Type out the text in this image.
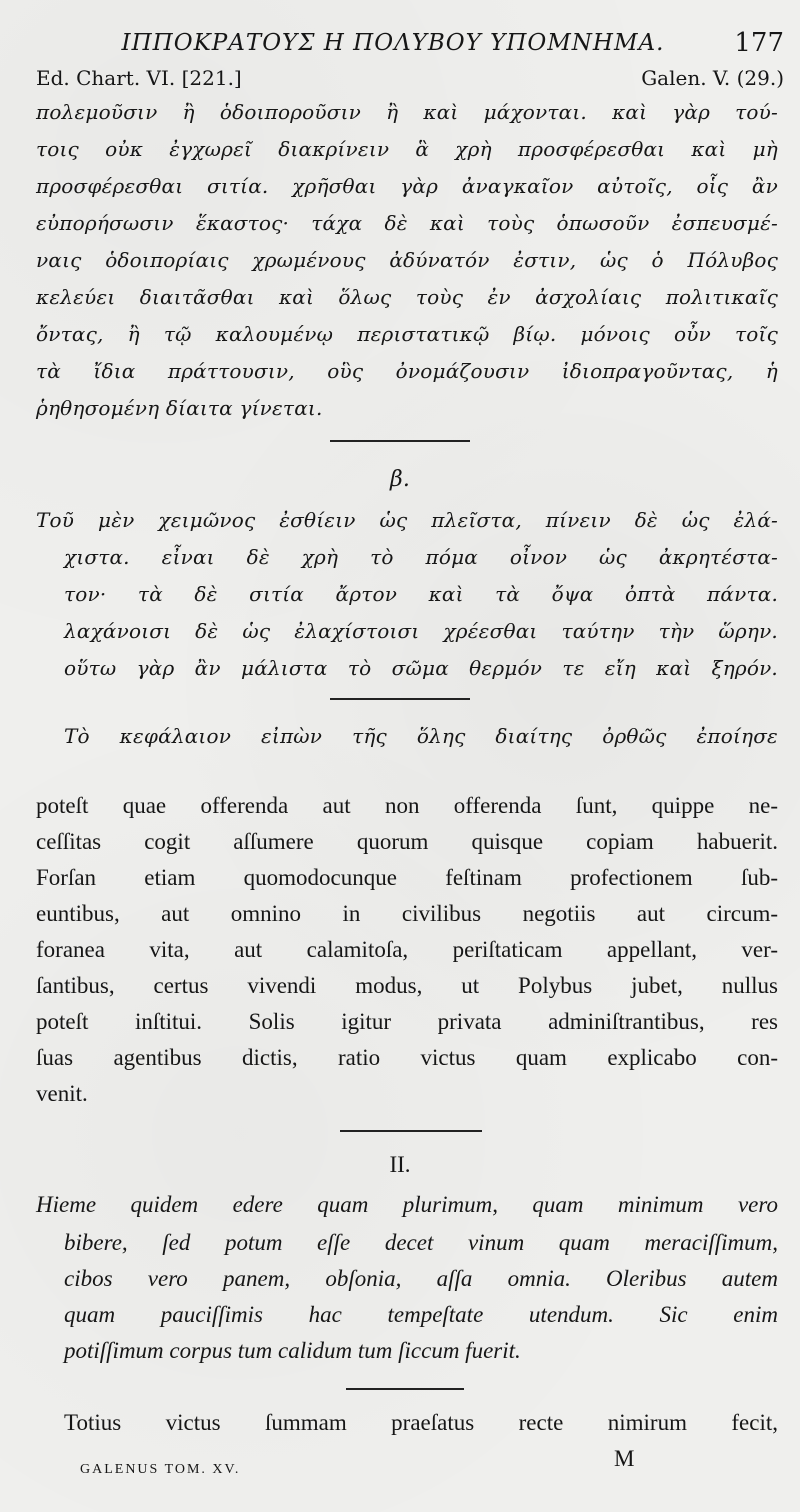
ΙΠΠΟΚΡΑΤΟΥΣ Η ΠΟΛΥΒΟΥ ΥΠΟΜΝΗΜΑ.	177
Ed. Chart. VI. [221.]	Galen. V. (29.)
πολεμοῦσιν ἢ ὁδοιποροῦσιν ἢ καὶ μάχονται. καὶ γὰρ τού-
τοις οὐκ ἐγχωρεῖ διακρίνειν ἃ χρὴ προσφέρεσθαι καὶ μὴ
προσφέρεσθαι σιτία. χρῆσθαι γὰρ ἀναγκαῖον αὐτοῖς, οἷς ἂν
εὐπορήσωσιν ἕκαστος· τάχα δὲ καὶ τοὺς ὁπωσοῦν ἐσπευσμέ-
ναις ὁδοιπορίαις χρωμένους ἀδύνατόν ἐστιν, ὡς ὁ Πόλυβος
κελεύει διαιτᾶσθαι καὶ ὅλως τοὺς ἐν ἀσχολίαις πολιτικαῖς
ὄντας, ἢ τῷ καλουμένῳ περιστατικῷ βίῳ. μόνοις οὖν τοῖς
τὰ ἴδια πράττουσιν, οὓς ὀνομάζουσιν ἰδιοπραγοῦντας, ἡ
ῥηθησομένη δίαιτα γίνεται.
β.
Τοῦ μὲν χειμῶνος ἐσθίειν ὡς πλεῖστα, πίνειν δὲ ὡς ἐλά-
χιστα. εἶναι δὲ χρὴ τὸ πόμα οἶνον ὡς ἀκρητέστα-
τον· τὰ δὲ σιτία ἄρτον καὶ τὰ ὄψα ὀπτὰ πάντα.
λαχάνοισι δὲ ὡς ἐλαχίστοισι χρέεσθαι ταύτην τὴν ὥρην.
οὕτω γὰρ ἂν μάλιστα τὸ σῶμα θερμόν τε εἴη καὶ ξηρόν.
Τὸ κεφάλαιον εἰπὼν τῆς ὅλης διαίτης ὀρθῶς ἐποίησε
poteſt quae offerenda aut non offerenda ſunt, quippe ne-
ceſſitas cogit aſſumere quorum quisque copiam habuerit.
Forſan etiam quomodocunque feſtinam profectionem ſub-
euntibus, aut omnino in civilibus negotiis aut circum-
foranea vita, aut calamitoſa, periſtaticam appellant, ver-
ſantibus, certus vivendi modus, ut Polybus jubet, nullus
poteſt inſtitui. Solis igitur privata adminiſtrantibus, res
ſuas agentibus dictis, ratio victus quam explicabo con-
venit.
II.
Hieme quidem edere quam plurimum, quam minimum vero
bibere, ſed potum eſſe decet vinum quam meraciſſimum,
cibos vero panem, obſonia, aſſa omnia. Oleribus autem
quam pauciſſimis hac tempeſtate utendum. Sic enim
potiſſimum corpus tum calidum tum ſiccum fuerit.
Totius victus ſummam praeſatus recte nimirum fecit,
GALENUS TOM. XV.	M
